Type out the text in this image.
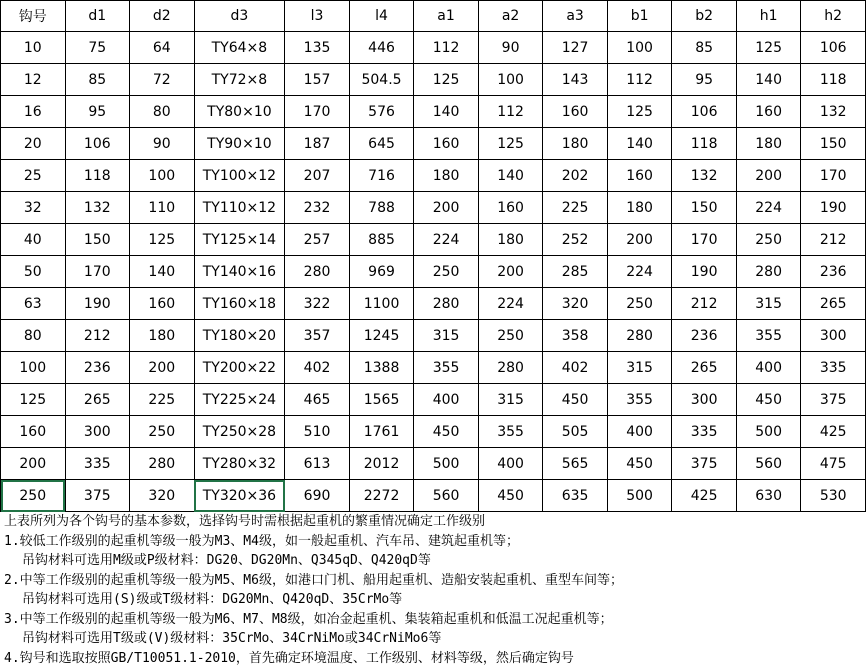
钩号	d1	d2	d3	l3	l4	a1	a2	a3	b1	b2	h1	h2
10	75	64	TY64×8	135	446	112	90	127	100	85	125	106
12	85	72	TY72×8	157	504.5	125	100	143	112	95	140	118
16	95	80	TY80×10	170	576	140	112	160	125	106	160	132
20	106	90	TY90×10	187	645	160	125	180	140	118	180	150
25	118	100	TY100×12	207	716	180	140	202	160	132	200	170
32	132	110	TY110×12	232	788	200	160	225	180	150	224	190
40	150	125	TY125×14	257	885	224	180	252	200	170	250	212
50	170	140	TY140×16	280	969	250	200	285	224	190	280	236
63	190	160	TY160×18	322	1100	280	224	320	250	212	315	265
80	212	180	TY180×20	357	1245	315	250	358	280	236	355	300
100	236	200	TY200×22	402	1388	355	280	402	315	265	400	335
125	265	225	TY225×24	465	1565	400	315	450	355	300	450	375
160	300	250	TY250×28	510	1761	450	355	505	400	335	500	425
200	335	280	TY280×32	613	2012	500	400	565	450	375	560	475
250	375	320	TY320×36	690	2272	560	450	635	500	425	630	530
上表所列为各个钩号的基本参数，选择钩号时需根据起重机的繁重情况确定工作级别
1.较低工作级别的起重机等级一般为M3、M4级，如一般起重机、汽车吊、建筑起重机等；
吊钩材料可选用M级或P级材料：DG20、DG20Mn、Q345qD、Q420qD等
2.中等工作级别的起重机等级一般为M5、M6级，如港口门机、船用起重机、造船安装起重机、重型车间等；
吊钩材料可选用(S)级或T级材料：DG20Mn、Q420qD、35CrMo等
3.中等工作级别的起重机等级一般为M6、M7、M8级，如冶金起重机、集装箱起重机和低温工况起重机等；
吊钩材料可选用T级或(V)级材料：35CrMo、34CrNiMo或34CrNiMo6等
4.钩号和选取按照GB/T10051.1-2010，首先确定环境温度、工作级别、材料等级，然后确定钩号
